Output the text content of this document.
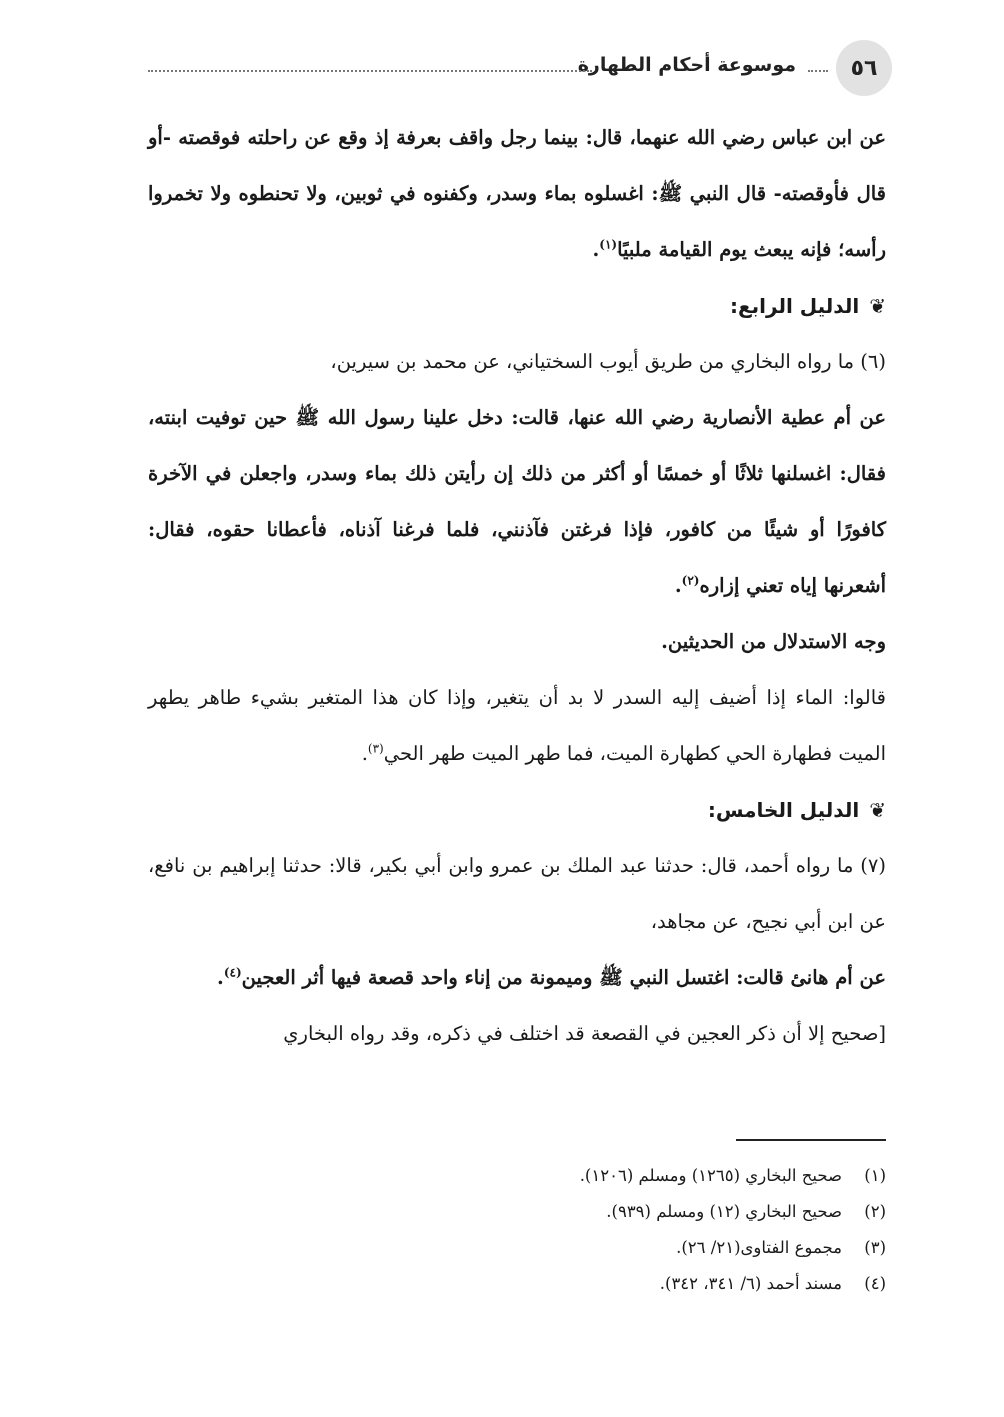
٥٦
موسوعة أحكام الطهارة

عن ابن عباس رضي الله عنهما، قال: بينما رجل واقف بعرفة إذ وقع عن راحلته فوقصته -أو قال فأوقصته- قال النبي ﷺ: اغسلوه بماء وسدر، وكفنوه في ثوبين، ولا تحنطوه ولا تخمروا رأسه؛ فإنه يبعث يوم القيامة ملبيًا$^{(١)}$.

❦الدليل الرابع:

(٦) ما رواه البخاري من طريق أيوب السختياني، عن محمد بن سيرين،

عن أم عطية الأنصارية رضي الله عنها، قالت: دخل علينا رسول الله ﷺ حين توفيت ابنته، فقال: اغسلنها ثلاثًا أو خمسًا أو أكثر من ذلك إن رأيتن ذلك بماء وسدر، واجعلن في الآخرة كافورًا أو شيئًا من كافور، فإذا فرغتن فآذنني، فلما فرغنا آذناه، فأعطانا حقوه، فقال: أشعرنها إياه تعني إزاره$^{(٢)}$.

وجه الاستدلال من الحديثين.

قالوا: الماء إذا أضيف إليه السدر لا بد أن يتغير، وإذا كان هذا المتغير بشيء طاهر يطهر الميت فطهارة الحي كطهارة الميت، فما طهر الميت طهر الحي$^{(٣)}$.

❦الدليل الخامس:

(٧) ما رواه أحمد، قال: حدثنا عبد الملك بن عمرو وابن أبي بكير، قالا: حدثنا إبراهيم بن نافع، عن ابن أبي نجيح، عن مجاهد،

عن أم هانئ قالت: اغتسل النبي ﷺ وميمونة من إناء واحد قصعة فيها أثر العجين$^{(٤)}$.

[صحيح إلا أن ذكر العجين في القصعة قد اختلف في ذكره، وقد رواه البخاري

(١)صحيح البخاري (١٢٦٥) ومسلم (١٢٠٦).

(٢)صحيح البخاري (١٢) ومسلم (٩٣٩).

(٣)مجموع الفتاوى(٢١/ ٢٦).

(٤)مسند أحمد (٦/ ٣٤١، ٣٤٢).
